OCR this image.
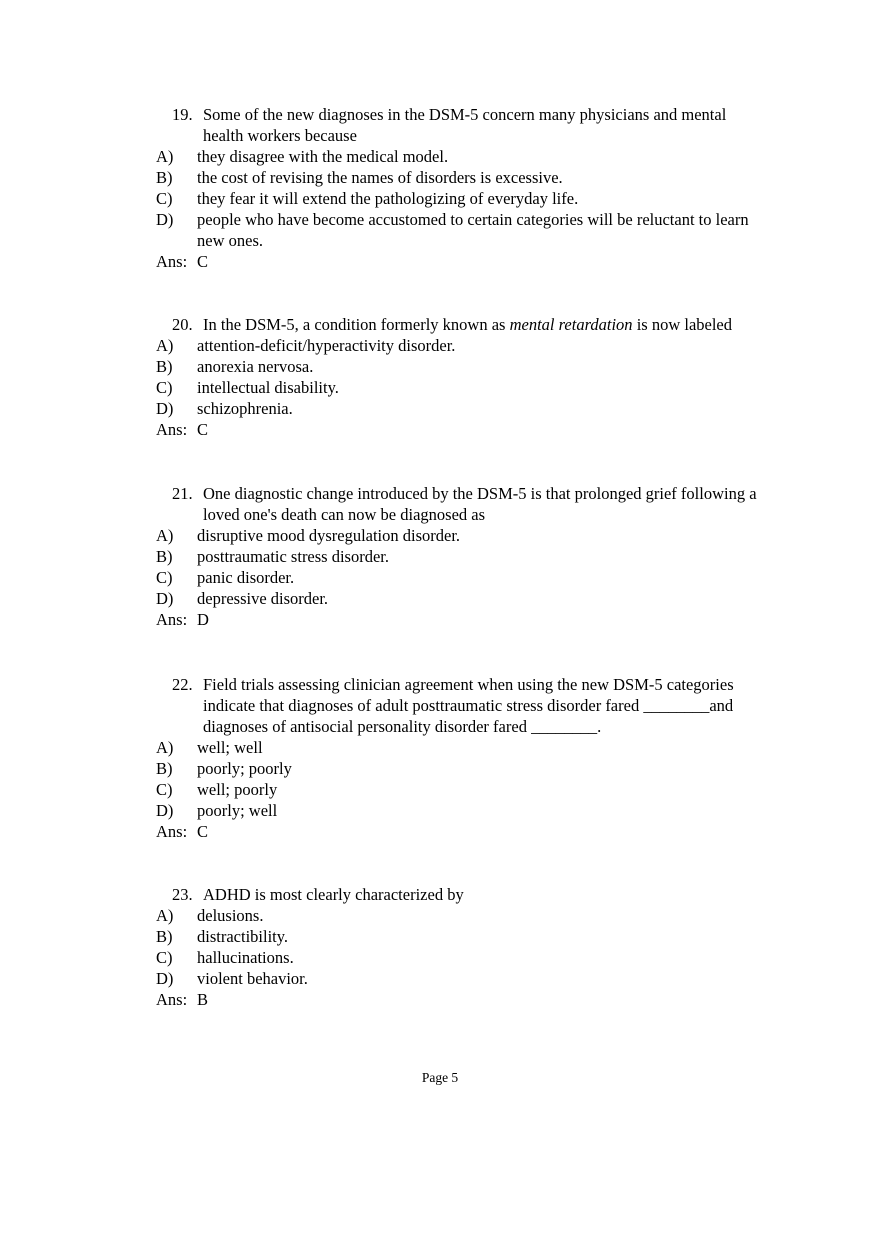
19. Some of the new diagnoses in the DSM-5 concern many physicians and mental health workers because
A) they disagree with the medical model.
B) the cost of revising the names of disorders is excessive.
C) they fear it will extend the pathologizing of everyday life.
D) people who have become accustomed to certain categories will be reluctant to learn new ones.
Ans: C
20. In the DSM-5, a condition formerly known as mental retardation is now labeled
A) attention-deficit/hyperactivity disorder.
B) anorexia nervosa.
C) intellectual disability.
D) schizophrenia.
Ans: C
21. One diagnostic change introduced by the DSM-5 is that prolonged grief following a loved one's death can now be diagnosed as
A) disruptive mood dysregulation disorder.
B) posttraumatic stress disorder.
C) panic disorder.
D) depressive disorder.
Ans: D
22. Field trials assessing clinician agreement when using the new DSM-5 categories indicate that diagnoses of adult posttraumatic stress disorder fared ________and diagnoses of antisocial personality disorder fared ________.
A) well; well
B) poorly; poorly
C) well; poorly
D) poorly; well
Ans: C
23. ADHD is most clearly characterized by
A) delusions.
B) distractibility.
C) hallucinations.
D) violent behavior.
Ans: B
Page 5
